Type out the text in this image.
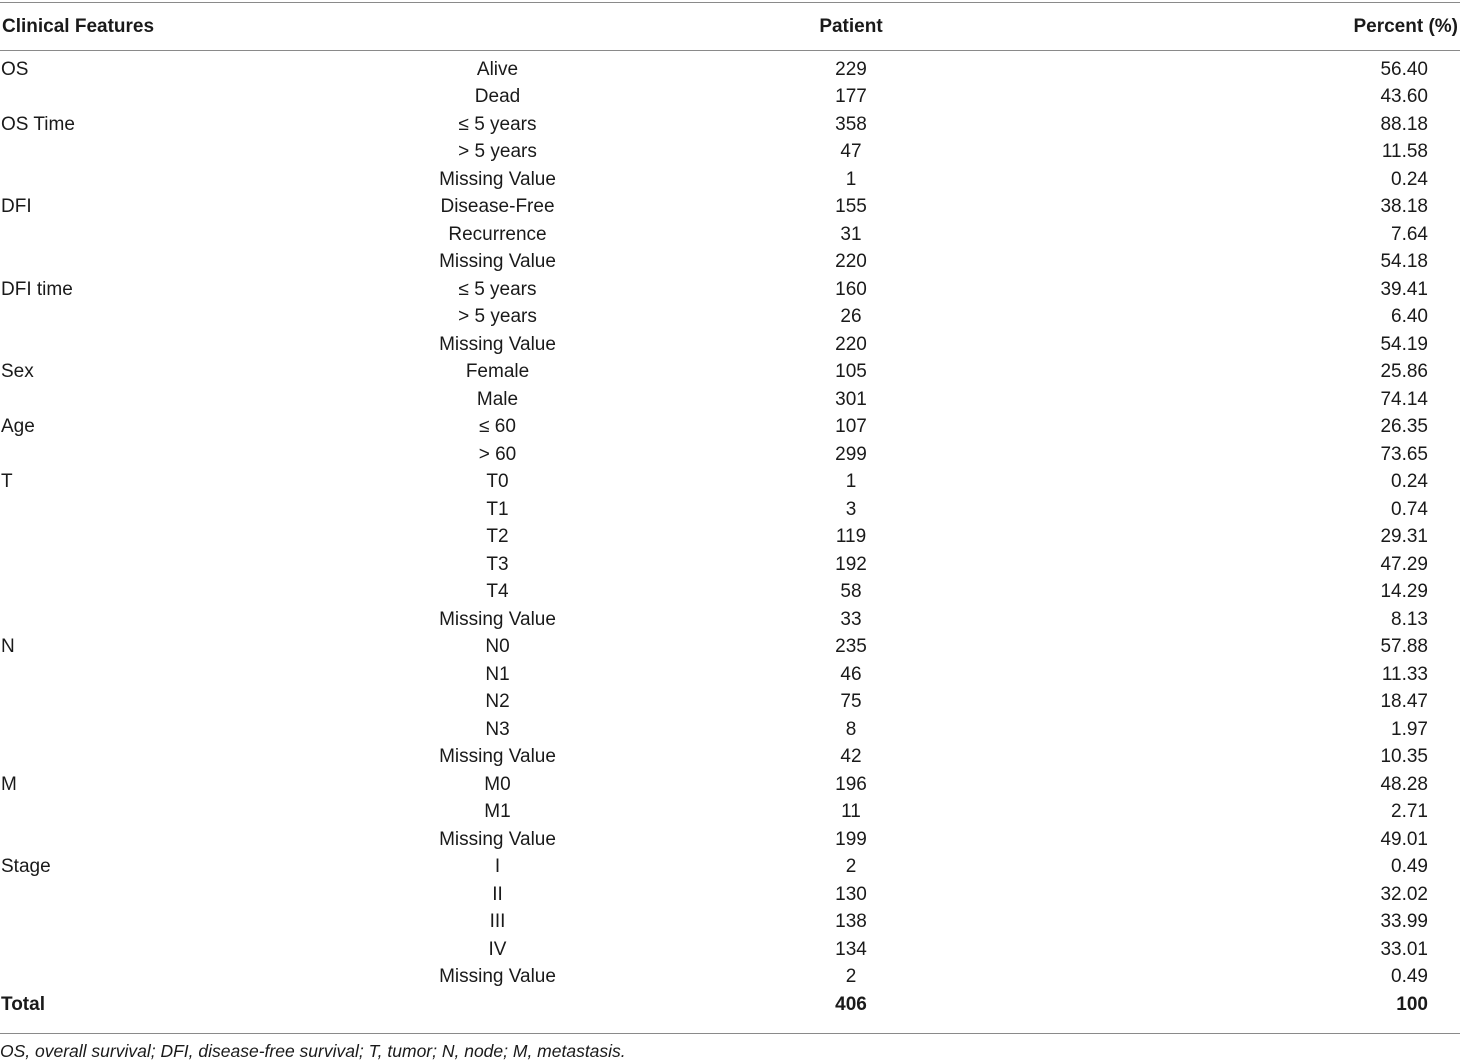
Clinical Features		Patient	Percent (%)

OS	Alive	229	56.40
	Dead	177	43.60
OS Time	≤ 5 years	358	88.18
	> 5 years	47	11.58
	Missing Value	1	0.24
DFI	Disease-Free	155	38.18
	Recurrence	31	7.64
	Missing Value	220	54.18
DFI time	≤ 5 years	160	39.41
	> 5 years	26	6.40
	Missing Value	220	54.19
Sex	Female	105	25.86
	Male	301	74.14
Age	≤ 60	107	26.35
	> 60	299	73.65
T	T0	1	0.24
	T1	3	0.74
	T2	119	29.31
	T3	192	47.29
	T4	58	14.29
	Missing Value	33	8.13
N	N0	235	57.88
	N1	46	11.33
	N2	75	18.47
	N3	8	1.97
	Missing Value	42	10.35
M	M0	196	48.28
	M1	11	2.71
	Missing Value	199	49.01
Stage	I	2	0.49
	II	130	32.02
	III	138	33.99
	IV	134	33.01
	Missing Value	2	0.49
Total		406	100
OS, overall survival; DFI, disease-free survival; T, tumor; N, node; M, metastasis.
